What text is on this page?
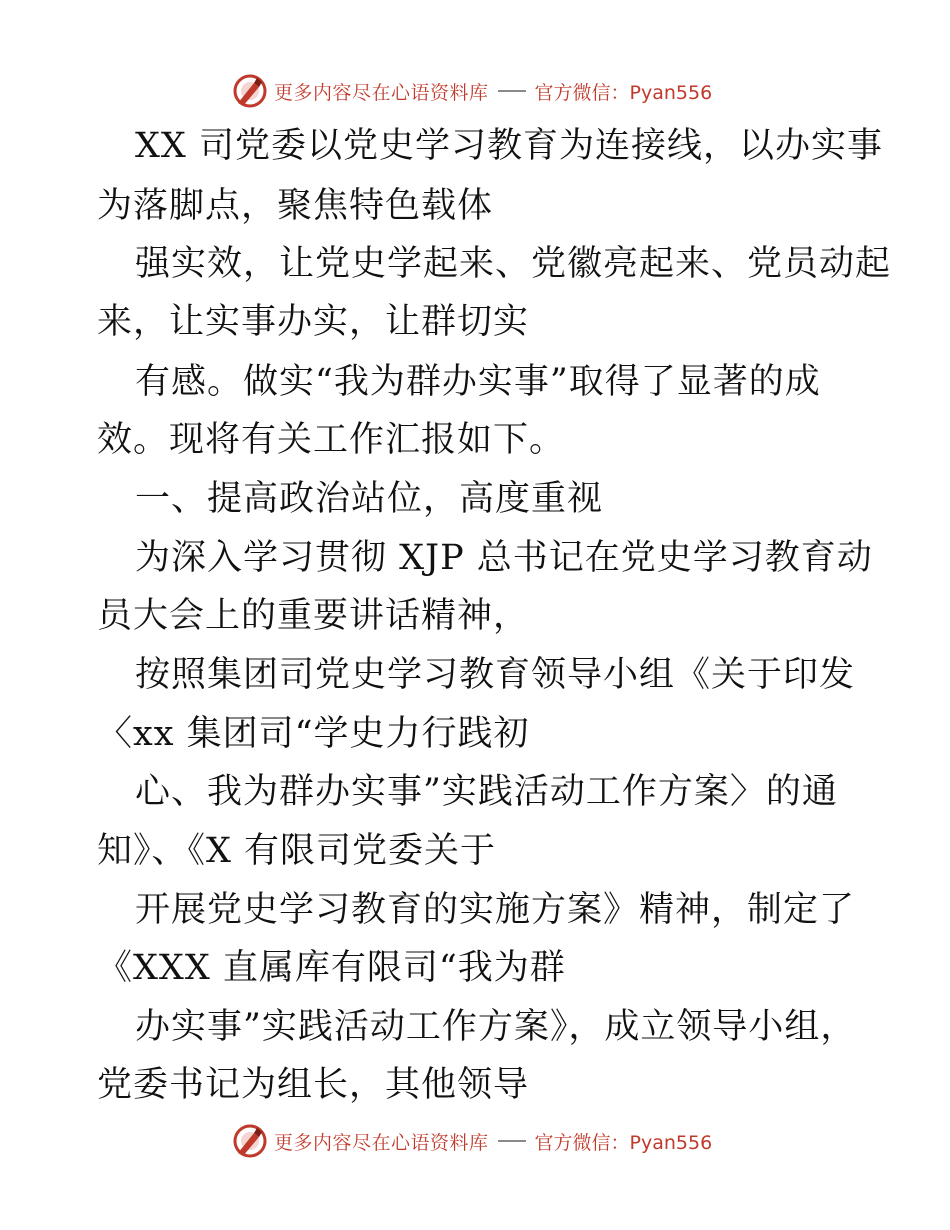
更多内容尽在心语资料库 官方微信：Pyan556
XX 司党委以党史学习教育为连接线，以办实事
为落脚点，聚焦特色载体
强实效，让党史学起来、党徽亮起来、党员动起
来，让实事办实，让群切实
有感。做实“我为群办实事”取得了显著的成
效。现将有关工作汇报如下。
一、提高政治站位，高度重视
为深入学习贯彻 XJP 总书记在党史学习教育动
员大会上的重要讲话精神，
按照集团司党史学习教育领导小组《关于印发
〈xx 集团司“学史力行践初
心、我为群办实事”实践活动工作方案〉的通
知》、《X 有限司党委关于
开展党史学习教育的实施方案》精神，制定了
《XXX 直属库有限司“我为群
办实事”实践活动工作方案》，成立领导小组，
党委书记为组长，其他领导
更多内容尽在心语资料库 官方微信：Pyan556
